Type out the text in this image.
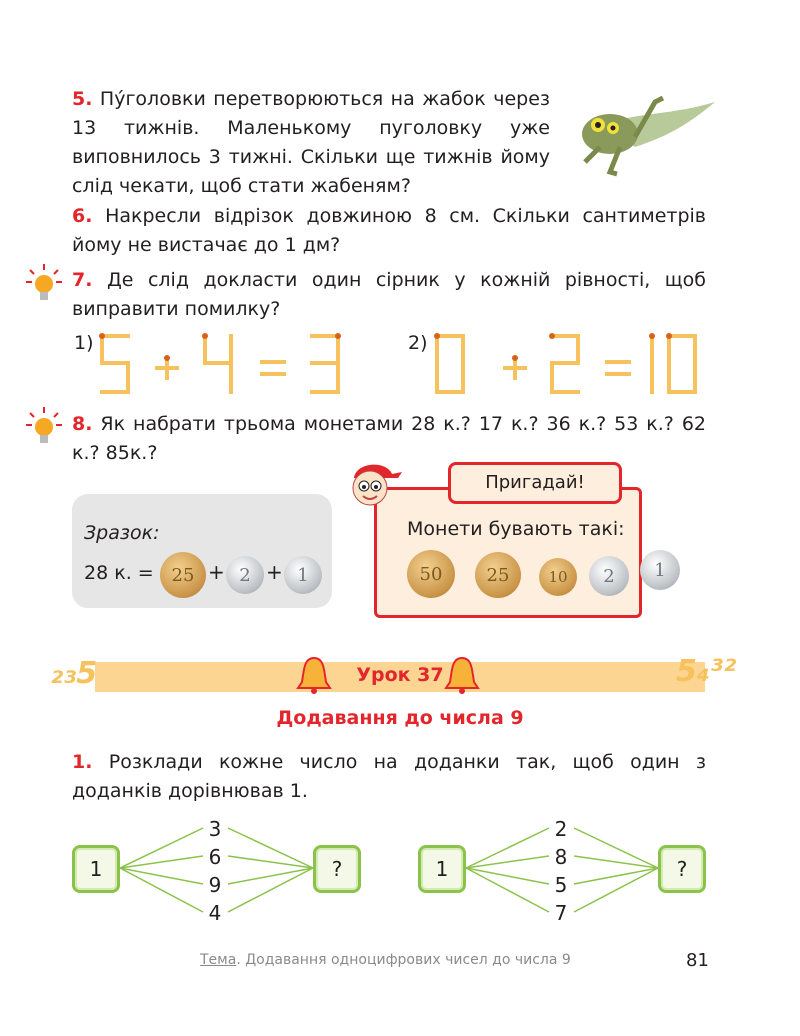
5. Пу́головки перетворюються на жабок через 13 тижнів. Маленькому пуголовку уже виповнилось 3 тижні. Скільки ще тижнів йому слід чекати, щоб стати жабеням?
6. Накресли відрізок довжиною 8 см. Скільки сантиметрів йому не вистачає до 1 дм?
7. Де слід докласти один сірник у кожній рівності, щоб виправити помилку?
1)	2)
8. Як набрати трьома монетами 28 к.? 17 к.? 36 к.? 53 к.? 62 к.? 85к.?
Зразок:
28 к. = 25 + 2 + 1
Монети бувають такі:
50	25	10	2
Пригадай!
₂₃5	5₄³²
Урок 37
Додавання до числа 9
1. Розклади кожне число на доданки так, щоб один з доданків дорівнював 1.
1	?
3
6
9
4
1	?
2
8
5
7
Тема. Додавання одноцифрових чисел до числа 9	81
1
